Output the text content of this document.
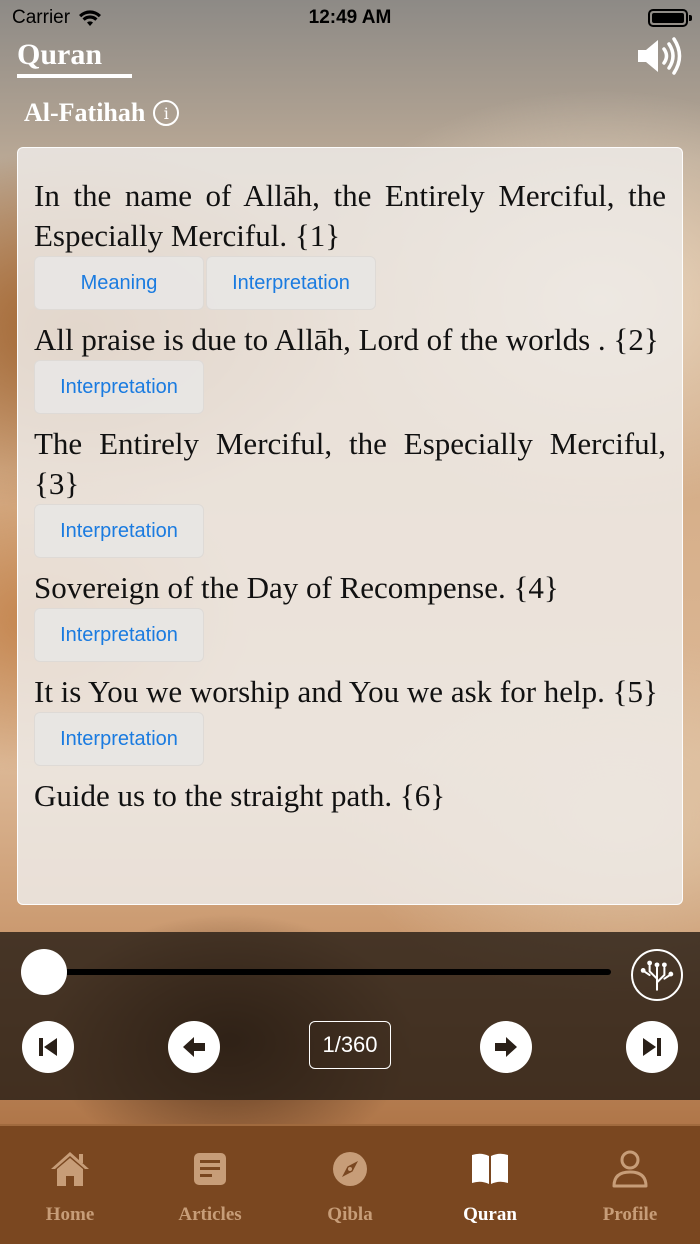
Carrier	12:49 AM
Quran
Al-Fatihah	i
In the name of Allāh, the Entirely Merciful, the Especially Merciful. {1}
Meaning	Interpretation
All praise is due to Allāh, Lord of the worlds . {2}
Interpretation
The Entirely Merciful, the Especially Merciful, {3}
Interpretation
Sovereign of the Day of Recompense. {4}
Interpretation
It is You we worship and You we ask for help. {5}
Interpretation
Guide us to the straight path. {6}
1/360
Home	Articles	Qibla	Quran	Profile
